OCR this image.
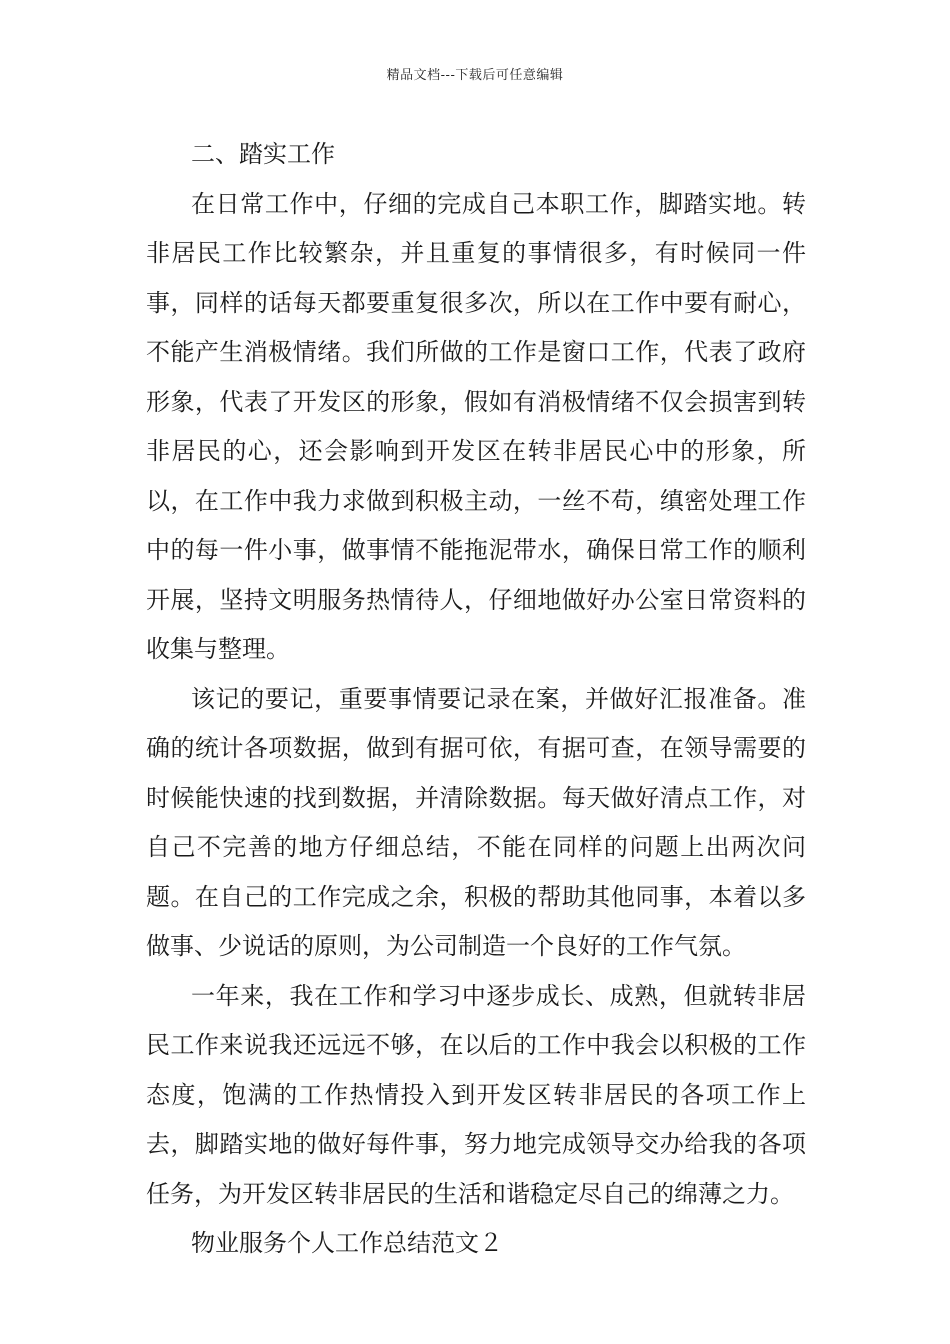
精品文档---下载后可任意编辑

二、踏实工作

在日常工作中，仔细的完成自己本职工作，脚踏实地。转非居民工作比较繁杂，并且重复的事情很多，有时候同一件事，同样的话每天都要重复很多次，所以在工作中要有耐心，不能产生消极情绪。我们所做的工作是窗口工作，代表了政府形象，代表了开发区的形象，假如有消极情绪不仅会损害到转非居民的心，还会影响到开发区在转非居民心中的形象，所以，在工作中我力求做到积极主动，一丝不苟，缜密处理工作中的每一件小事，做事情不能拖泥带水，确保日常工作的顺利开展，坚持文明服务热情待人，仔细地做好办公室日常资料的收集与整理。

该记的要记，重要事情要记录在案，并做好汇报准备。准确的统计各项数据，做到有据可依，有据可查，在领导需要的时候能快速的找到数据，并清除数据。每天做好清点工作，对自己不完善的地方仔细总结，不能在同样的问题上出两次问题。在自己的工作完成之余，积极的帮助其他同事，本着以多做事、少说话的原则，为公司制造一个良好的工作气氛。

一年来，我在工作和学习中逐步成长、成熟，但就转非居民工作来说我还远远不够，在以后的工作中我会以积极的工作态度，饱满的工作热情投入到开发区转非居民的各项工作上去，脚踏实地的做好每件事，努力地完成领导交办给我的各项任务，为开发区转非居民的生活和谐稳定尽自己的绵薄之力。

物业服务个人工作总结范文２
